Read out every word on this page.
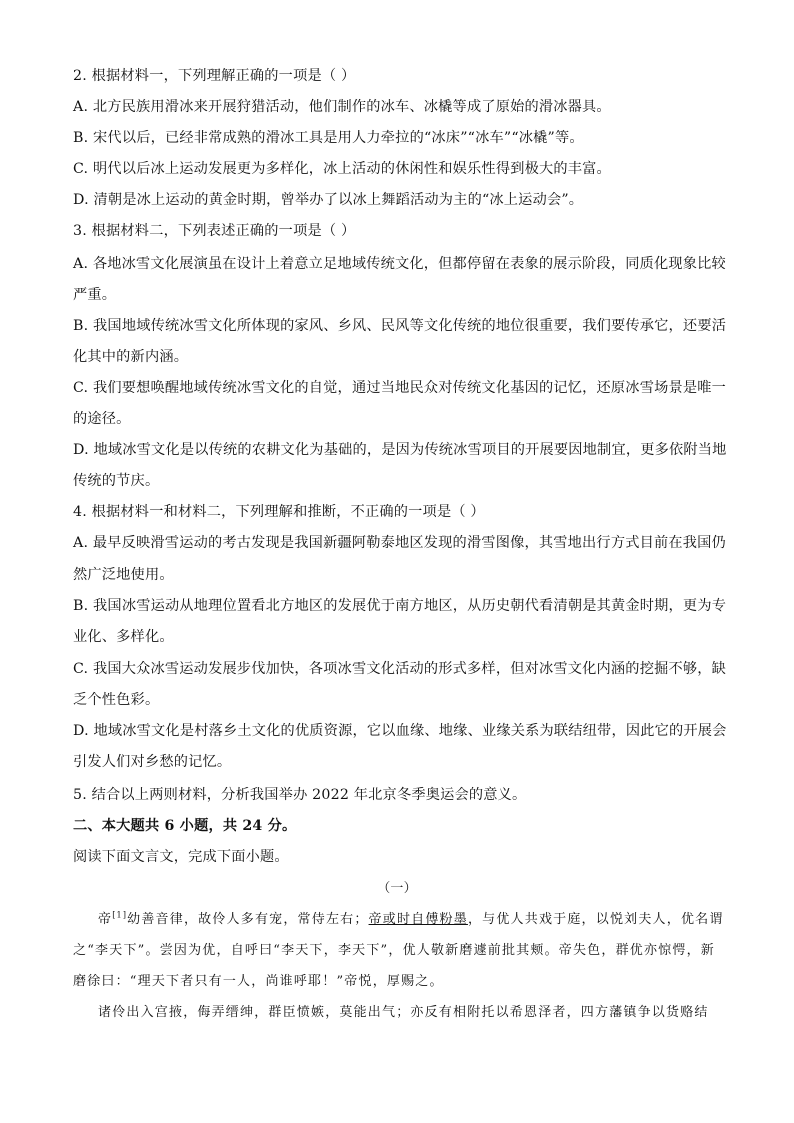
2. 根据材料一，下列理解正确的一项是（ ）
A. 北方民族用滑冰来开展狩猎活动，他们制作的冰车、冰橇等成了原始的滑冰器具。
B. 宋代以后，已经非常成熟的滑冰工具是用人力牵拉的“冰床”“冰车”“冰橇”等。
C. 明代以后冰上运动发展更为多样化，冰上活动的休闲性和娱乐性得到极大的丰富。
D. 清朝是冰上运动的黄金时期，曾举办了以冰上舞蹈活动为主的“冰上运动会”。
3. 根据材料二，下列表述正确的一项是（ ）
A. 各地冰雪文化展演虽在设计上着意立足地域传统文化，但都停留在表象的展示阶段，同质化现象比较
严重。
B. 我国地域传统冰雪文化所体现的家风、乡风、民风等文化传统的地位很重要，我们要传承它，还要活
化其中的新内涵。
C. 我们要想唤醒地域传统冰雪文化的自觉，通过当地民众对传统文化基因的记忆，还原冰雪场景是唯一
的途径。
D. 地域冰雪文化是以传统的农耕文化为基础的，是因为传统冰雪项目的开展要因地制宜，更多依附当地
传统的节庆。
4. 根据材料一和材料二，下列理解和推断，不正确的一项是（ ）
A. 最早反映滑雪运动的考古发现是我国新疆阿勒泰地区发现的滑雪图像，其雪地出行方式目前在我国仍
然广泛地使用。
B. 我国冰雪运动从地理位置看北方地区的发展优于南方地区，从历史朝代看清朝是其黄金时期，更为专
业化、多样化。
C. 我国大众冰雪运动发展步伐加快，各项冰雪文化活动的形式多样，但对冰雪文化内涵的挖掘不够，缺
乏个性色彩。
D. 地域冰雪文化是村落乡土文化的优质资源，它以血缘、地缘、业缘关系为联结纽带，因此它的开展会
引发人们对乡愁的记忆。
5. 结合以上两则材料，分析我国举办 2022 年北京冬季奥运会的意义。
二、本大题共 6 小题，共 24 分。
阅读下面文言文，完成下面小题。
（一）
帝[1]幼善音律，故伶人多有宠，常侍左右；帝或时自傅粉墨，与优人共戏于庭，以悦刘夫人，优名谓
之“李天下”。尝因为优，自呼曰“李天下，李天下”，优人敬新磨遽前批其颊。帝失色，群优亦惊愕，新
磨徐曰：“理天下者只有一人，尚谁呼耶！”帝悦，厚赐之。
诸伶出入宫掖，侮弄缙绅，群臣愤嫉，莫能出气；亦反有相附托以希恩泽者，四方藩镇争以货赂结
